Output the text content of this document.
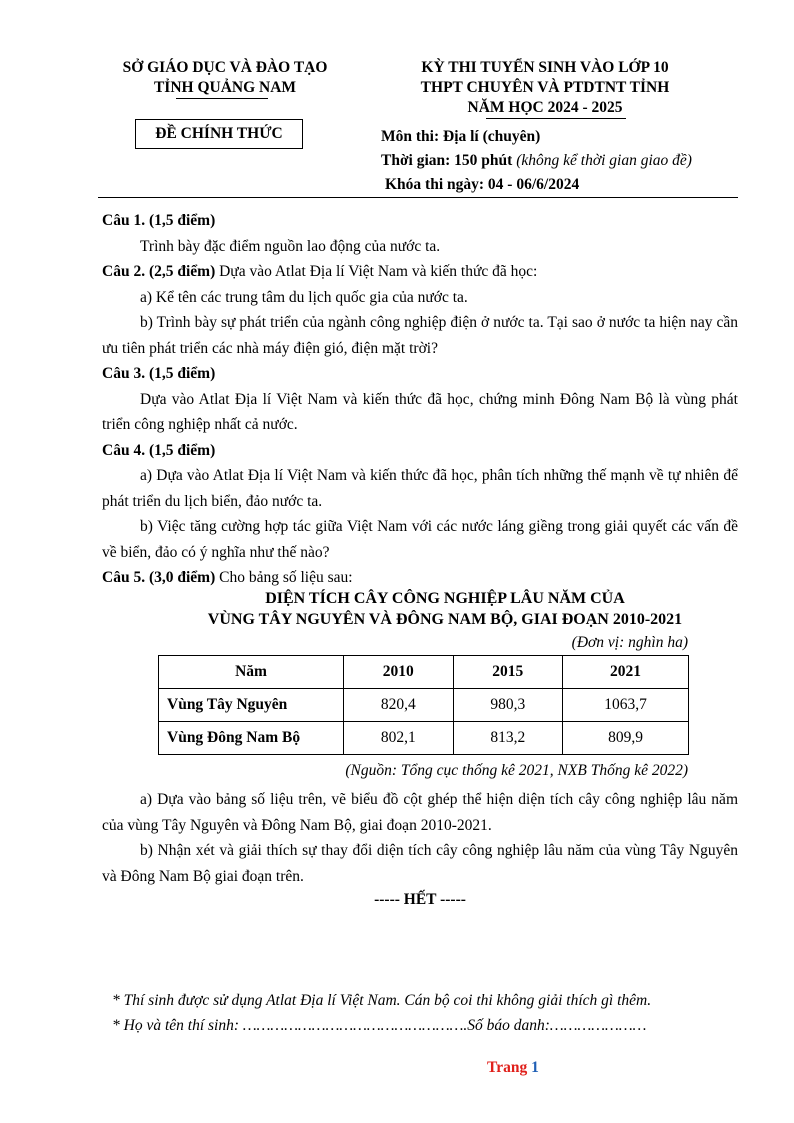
SỞ GIÁO DỤC VÀ ĐÀO TẠO
TỈNH QUẢNG NAM
KỲ THI TUYỂN SINH VÀO LỚP 10
THPT CHUYÊN VÀ PTDTNT TỈNH
NĂM HỌC 2024 - 2025
ĐỀ CHÍNH THỨC	Môn thi: Địa lí (chuyên)
Thời gian: 150 phút (không kể thời gian giao đề)
Khóa thi ngày: 04 - 06/6/2024

Câu 1. (1,5 điểm)

Trình bày đặc điểm nguồn lao động của nước ta.

Câu 2. (2,5 điểm) Dựa vào Atlat Địa lí Việt Nam và kiến thức đã học:

a) Kể tên các trung tâm du lịch quốc gia của nước ta.

b) Trình bày sự phát triển của ngành công nghiệp điện ở nước ta. Tại sao ở nước ta hiện nay cần ưu tiên phát triển các nhà máy điện gió, điện mặt trời?

Câu 3. (1,5 điểm)

Dựa vào Atlat Địa lí Việt Nam và kiến thức đã học, chứng minh Đông Nam Bộ là vùng phát triển công nghiệp nhất cả nước.

Câu 4. (1,5 điểm)

a) Dựa vào Atlat Địa lí Việt Nam và kiến thức đã học, phân tích những thế mạnh về tự nhiên để phát triển du lịch biển, đảo nước ta.

b) Việc tăng cường hợp tác giữa Việt Nam với các nước láng giềng trong giải quyết các vấn đề về biển, đảo có ý nghĩa như thế nào?

Câu 5. (3,0 điểm) Cho bảng số liệu sau:

DIỆN TÍCH CÂY CÔNG NGHIỆP LÂU NĂM CỦA
VÙNG TÂY NGUYÊN VÀ ĐÔNG NAM BỘ, GIAI ĐOẠN 2010-2021
(Đơn vị: nghìn ha)
Năm	2010	2015	2021
Vùng Tây Nguyên	820,4	980,3	1063,7
Vùng Đông Nam Bộ	802,1	813,2	809,9
(Nguồn: Tổng cục thống kê 2021, NXB Thống kê 2022)

a) Dựa vào bảng số liệu trên, vẽ biểu đồ cột ghép thể hiện diện tích cây công nghiệp lâu năm của vùng Tây Nguyên và Đông Nam Bộ, giai đoạn 2010-2021.

b) Nhận xét và giải thích sự thay đổi diện tích cây công nghiệp lâu năm của vùng Tây Nguyên và Đông Nam Bộ giai đoạn trên.

----- HẾT -----
* Thí sinh được sử dụng Atlat Địa lí Việt Nam. Cán bộ coi thi không giải thích gì thêm.
* Họ và tên thí sinh: ………………………………………….Số báo danh:…………………
Trang 1
